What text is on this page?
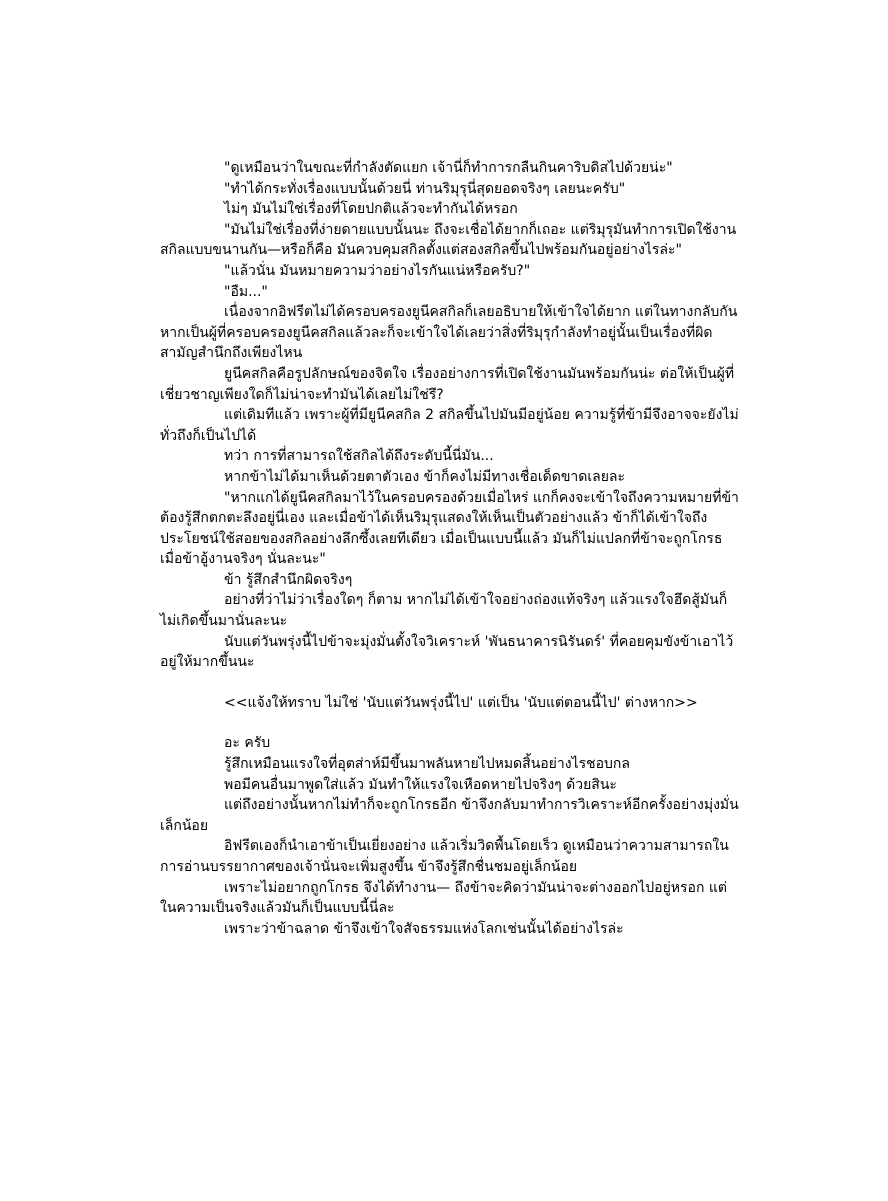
"ดูเหมือนว่าในขณะที่กำลังตัดแยก เจ้านี่ก็ทำการกลืนกินคาริบดิสไปด้วยน่ะ"

"ทำได้กระทั่งเรื่องแบบนั้นด้วยนี่ ท่านริมุรุนี่สุดยอดจริงๆ เลยนะครับ"

ไม่ๆ มันไม่ใช่เรื่องที่โดยปกติแล้วจะทำกันได้หรอก

"มันไม่ใช่เรื่องที่ง่ายดายแบบนั้นนะ ถึงจะเชื่อได้ยากก็เถอะ แต่ริมุรุมันทำการเปิดใช้งานสกิลแบบขนานกัน—หรือก็คือ มันควบคุมสกิลตั้งแต่สองสกิลขึ้นไปพร้อมกันอยู่อย่างไรล่ะ"

"แล้วนั่น มันหมายความว่าอย่างไรกันแน่หรือครับ?"

"อืม..."

เนื่องจากอิฟรีตไม่ได้ครอบครองยูนีคสกิลก็เลยอธิบายให้เข้าใจได้ยาก แต่ในทางกลับกันหากเป็นผู้ที่ครอบครองยูนีคสกิลแล้วละก็จะเข้าใจได้เลยว่าสิ่งที่ริมุรุกำลังทำอยู่นั้นเป็นเรื่องที่ผิดสามัญสำนึกถึงเพียงไหน

ยูนีคสกิลคือรูปลักษณ์ของจิตใจ เรื่องอย่างการที่เปิดใช้งานมันพร้อมกันน่ะ ต่อให้เป็นผู้ที่เชี่ยวชาญเพียงใดก็ไม่น่าจะทำมันได้เลยไม่ใช่รึ?

แต่เดิมทีแล้ว เพราะผู้ที่มียูนีคสกิล 2 สกิลขึ้นไปมันมีอยู่น้อย ความรู้ที่ข้ามีจึงอาจจะยังไม่ทั่วถึงก็เป็นไปได้

ทว่า การที่สามารถใช้สกิลได้ถึงระดับนี้นี่มัน...

หากข้าไม่ได้มาเห็นด้วยตาตัวเอง ข้าก็คงไม่มีทางเชื่อเด็ดขาดเลยละ

"หากแกได้ยูนีคสกิลมาไว้ในครอบครองด้วยเมื่อไหร่ แกก็คงจะเข้าใจถึงความหมายที่ข้าต้องรู้สึกตกตะลึงอยู่นี่เอง และเมื่อข้าได้เห็นริมุรุแสดงให้เห็นเป็นตัวอย่างแล้ว ข้าก็ได้เข้าใจถึงประโยชน์ใช้สอยของสกิลอย่างลึกซึ้งเลยทีเดียว เมื่อเป็นแบบนี้แล้ว มันก็ไม่แปลกที่ข้าจะถูกโกรธเมื่อข้าอู้งานจริงๆ นั่นละนะ"

ข้า รู้สึกสำนึกผิดจริงๆ

อย่างที่ว่าไม่ว่าเรื่องใดๆ ก็ตาม หากไม่ได้เข้าใจอย่างถ่องแท้จริงๆ แล้วแรงใจฮึดสู้มันก็ไม่เกิดขึ้นมานั่นละนะ

นับแต่วันพรุ่งนี้ไปข้าจะมุ่งมั่นตั้งใจวิเคราะห์ 'พันธนาคารนิรันดร์' ที่คอยคุมขังข้าเอาไว้อยู่ให้มากขึ้นนะ

<<แจ้งให้ทราบ ไม่ใช่ 'นับแต่วันพรุ่งนี้ไป' แต่เป็น 'นับแต่ตอนนี้ไป' ต่างหาก>>

อะ ครับ

รู้สึกเหมือนแรงใจที่อุตส่าห์มีขึ้นมาพลันหายไปหมดสิ้นอย่างไรชอบกล

พอมีคนอื่นมาพูดใส่แล้ว มันทำให้แรงใจเหือดหายไปจริงๆ ด้วยสินะ

แต่ถึงอย่างนั้นหากไม่ทำก็จะถูกโกรธอีก ข้าจึงกลับมาทำการวิเคราะห์อีกครั้งอย่างมุ่งมั่นเล็กน้อย

อิฟรีตเองก็นำเอาข้าเป็นเยี่ยงอย่าง แล้วเริ่มวิดพื้นโดยเร็ว ดูเหมือนว่าความสามารถในการอ่านบรรยากาศของเจ้านั่นจะเพิ่มสูงขึ้น ข้าจึงรู้สึกชื่นชมอยู่เล็กน้อย

เพราะไม่อยากถูกโกรธ จึงได้ทำงาน— ถึงข้าจะคิดว่ามันน่าจะต่างออกไปอยู่หรอก แต่ในความเป็นจริงแล้วมันก็เป็นแบบนี้นี่ละ

เพราะว่าข้าฉลาด ข้าจึงเข้าใจสัจธรรมแห่งโลกเช่นนั้นได้อย่างไรล่ะ
